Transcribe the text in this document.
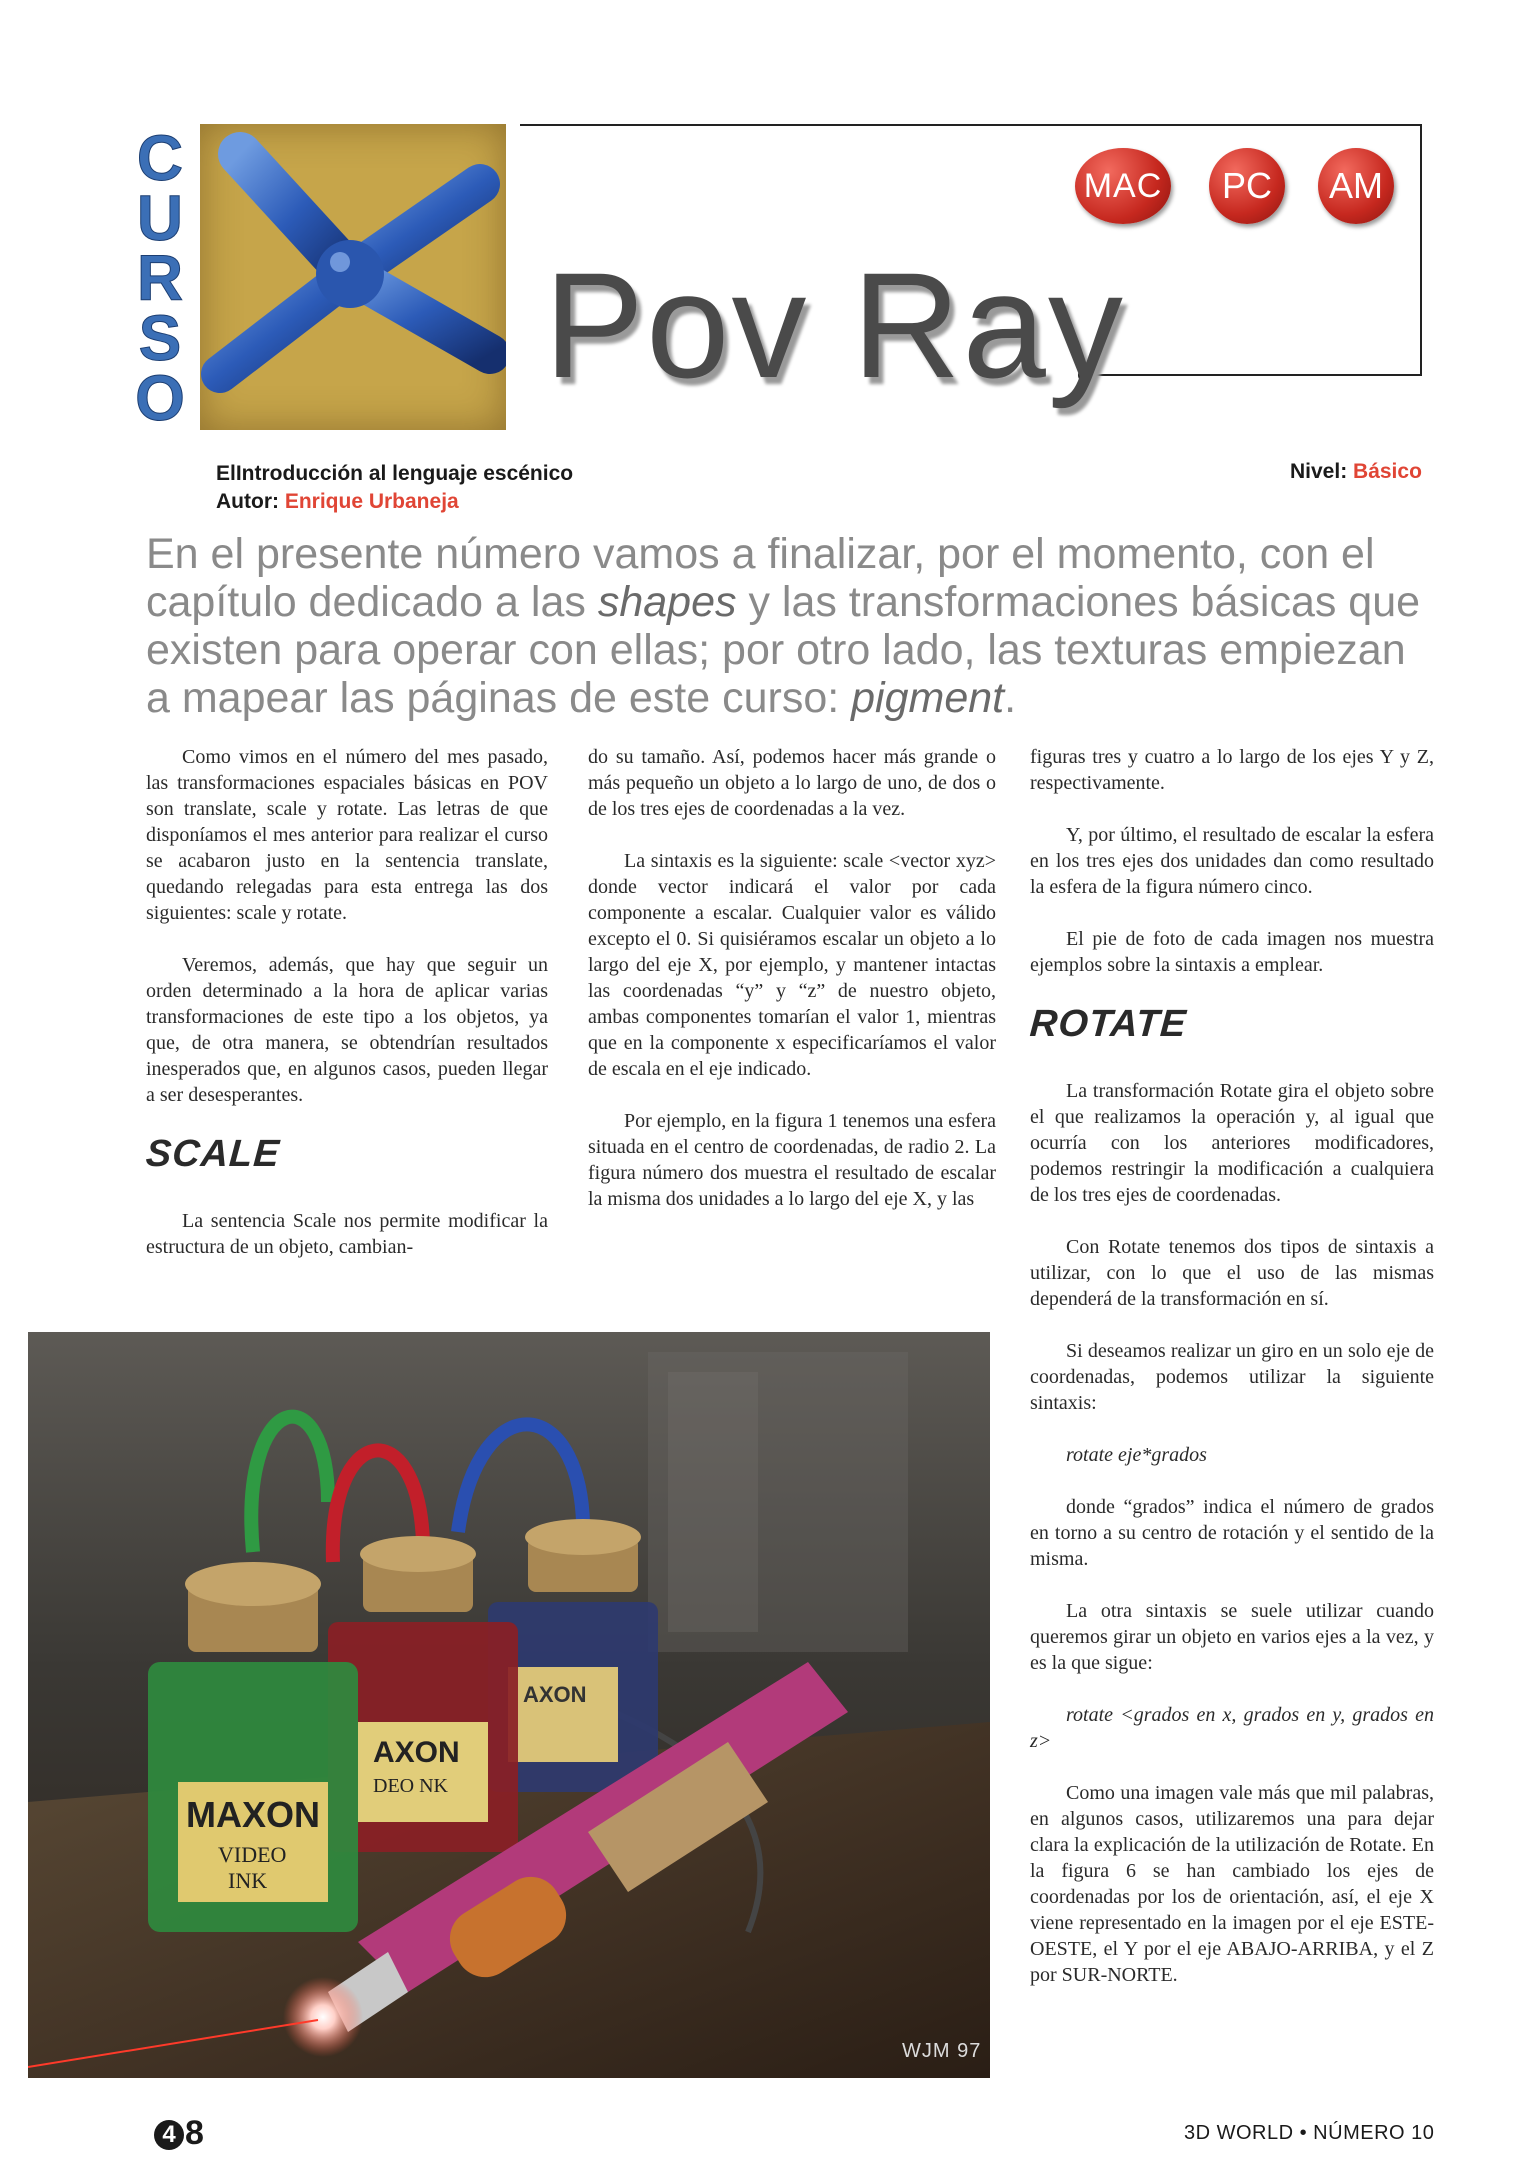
C
U
R
S
O Pov Ray
MAC	PC	AM
ElIntroducción al lenguaje escénico
Autor: Enrique Urbaneja
Nivel: Básico
En el presente número vamos a finalizar, por el momento, con el capítulo dedicado a las shapes y las transformaciones básicas que existen para operar con ellas; por otro lado, las texturas empiezan a mapear las páginas de este curso: pigment.

Como vimos en el número del mes pasado, las transformaciones espaciales básicas en POV son translate, scale y rotate. Las letras de que disponíamos el mes anterior para realizar el curso se acabaron justo en la sentencia translate, quedando relegadas para esta entrega las dos siguientes: scale y rotate.

Veremos, además, que hay que seguir un orden determinado a la hora de aplicar varias transformaciones de este tipo a los objetos, ya que, de otra manera, se obtendrían resultados inesperados que, en algunos casos, pueden llegar a ser desesperantes.

SCALE

La sentencia Scale nos permite modificar la estructura de un objeto, cambian-

do su tamaño. Así, podemos hacer más grande o más pequeño un objeto a lo largo de uno, de dos o de los tres ejes de coordenadas a la vez.

La sintaxis es la siguiente: scale <vector xyz> donde vector indicará el valor por cada componente a escalar. Cualquier valor es válido excepto el 0. Si quisiéramos escalar un objeto a lo largo del eje X, por ejemplo, y mantener intactas las coordenadas “y” y “z” de nuestro objeto, ambas componentes tomarían el valor 1, mientras que en la componente x especificaríamos el valor de escala en el eje indicado.

Por ejemplo, en la figura 1 tenemos una esfera situada en el centro de coordenadas, de radio 2. La figura número dos muestra el resultado de escalar la misma dos unidades a lo largo del eje X, y las

figuras tres y cuatro a lo largo de los ejes Y y Z, respectivamente.

Y, por último, el resultado de escalar la esfera en los tres ejes dos unidades dan como resultado la esfera de la figura número cinco.

El pie de foto de cada imagen nos muestra ejemplos sobre la sintaxis a emplear.

ROTATE

La transformación Rotate gira el objeto sobre el que realizamos la operación y, al igual que ocurría con los anteriores modificadores, podemos restringir la modificación a cualquiera de los tres ejes de coordenadas.

Con Rotate tenemos dos tipos de sintaxis a utilizar, con lo que el uso de las mismas dependerá de la transformación en sí.

Si deseamos realizar un giro en un solo eje de coordenadas, podemos utilizar la siguiente sintaxis:

rotate eje*grados

donde “grados” indica el número de grados en torno a su centro de rotación y el sentido de la misma.

La otra sintaxis se suele utilizar cuando queremos girar un objeto en varios ejes a la vez, y es la que sigue:

rotate <grados en x, grados en y, grados en z>

Como una imagen vale más que mil palabras, en algunos casos, utilizaremos una para dejar clara la explicación de la utilización de Rotate. En la figura 6 se han cambiado los ejes de coordenadas por los de orientación, así, el eje X viene representado en la imagen por el eje ESTE-OESTE, el Y por el eje ABAJO-ARRIBA, y el Z por SUR-NORTE.

MAXON
VIDEO
INK
AXON
DEO NK
AXON
WJM 97
4 8	3D WORLD • NÚMERO 10
